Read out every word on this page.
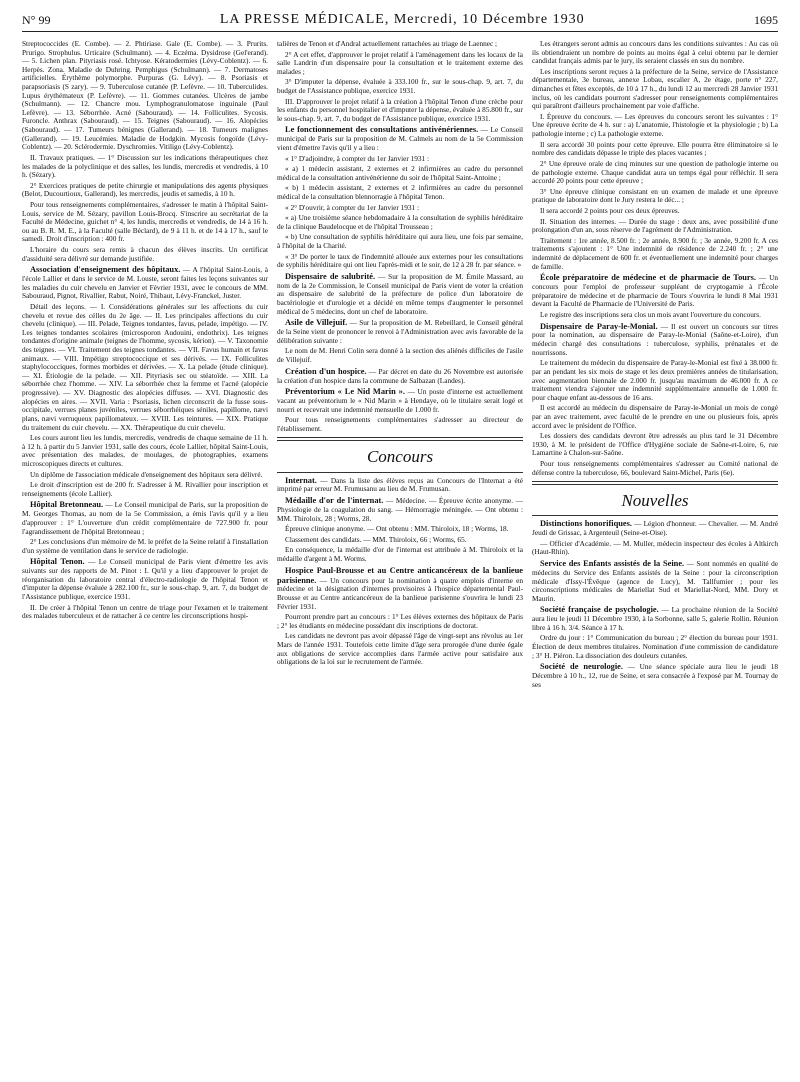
N° 99	LA PRESSE MÉDICALE, Mercredi, 10 Décembre 1930	1695

Streptococcides (E. Combe). — 2. Phtiriase. Gale (E. Combe). — 3. Prurits. Prurigo. Strophulus. Urticaire (Schulmann). — 4. Eczéma. Dysidrose (Gel'erand). — 5. Lichen plan. Pityriasis rosé. Ichtyose. Kératodermies (Lévy-Coblentz). — 6. Herpès. Zona. Maladie de Duhring. Pemphigus (Schulmann). — 7. Dermatoses artificielles. Érythème polymorphe. Purpuras (G. Lévy). — 8. Psoriasis et parapsoriasis (S zary). — 9. Tuberculose cutanée (P. Lefèvre. — 10. Tuberculides. Lupus érythémateux (P. Lefèvre). — 11. Gommes cutanées. Ulcères de jambe (Schulmann). — 12. Chancre mou. Lymphogranulomatose inguinale (Paul Lefèvre). — 13. Séborrhée. Acné (Sabouraud). — 14. Folliculites. Sycosis. Furoncle. Anthrax (Sabouraud). — 15. Teignes (Sabouraud). — 16. Alopécies (Sabouraud). — 17. Tumeurs bénignes (Gallerand). — 18. Tumeurs malignes (Gallerand). — 19. Leucémies. Maladie de Hodgkin. Mycosis fongoïde (Lévy-Coblentz). — 20. Sclérodermie. Dyschromies. Vitiligo (Lévy-Coblentz).

II. Travaux pratiques. — 1° Discussion sur les indications thérapeutiques chez les malades de la polyclinique et des salles, les lundis, mercredis et vendredis, à 10 h. (Sézary).

2° Exercices pratiques de petite chirurgie et manipulations des agents physiques (Belot, Ducourtioux, Gallerand), les mercredis, jeudis et samedis, à 10 h.

Pour tous renseignements complémentaires, s'adresser le matin à l'hôpital Saint-Louis, service de M. Sézary, pavillon Louis-Brocq. S'inscrire au secrétariat de la Faculté de Médecine, guichet n° 4, les lundis, mercredis et vendredis, de 14 à 16 h. ou au B. R. M. E., à la Faculté (salle Béclard), de 9 à 11 h. et de 14 à 17 h., sauf le samedi. Droit d'inscription : 400 fr.

L'horaire du cours sera remis à chacun des élèves inscrits. Un certificat d'assiduité sera délivré sur demande justifiée.

Association d'enseignement des hôpitaux. — A l'hôpital Saint-Louis, à l'école Lallier et dans le service de M. Louste, seront faites les leçons suivantes sur les maladies du cuir chevelu en Janvier et Février 1931, avec le concours de MM. Sabouraud, Pignot, Rivallier, Rabut, Noiré, Thibaut, Lévy-Franckel, Juster.

Détail des leçons. — I. Considérations générales sur les affections du cuir chevelu et revue des célles du 2e âge. — II. Les principales affections du cuir chevelu (clinique). — III. Pelade, Teignes tondantes, favus, pelade, impétigo. — IV. Les teignes tondantes scolaires (microsporon Audouini, endothrix). Les teignes tondantes d'origine animale (teignes de l'homme, sycosis, kérion). — V. Taxonomie des teignes. — VI. Traitement des teignes tondantes. — VII. Favus humain et favus animaux. — VIII. Impétigo streptococcique et ses dérivés. — IX. Folliculites staphylococciques, formes morbides et dérivées. — X. La pelade (étude clinique). — XI. Étiologie de la pelade. — XII. Pityriasis sec ou stéatoïde. — XIII. La séborrhée chez l'homme. — XIV. La séborrhée chez la femme et l'acné (alopécie progressive). — XV. Diagnostic des alopécies diffuses. — XVI. Diagnostic des alopécies en aires. — XVII. Varia : Psoriasis, lichen circonscrit de la fusse sous-occipitale, verrues planes juvéniles, verrues séborrhéiques séniles, papillome, nævi plans, nævi verruqueux papillomateux. — XVIII. Les teintures. — XIX. Pratique du traitement du cuir chevelu. — XX. Thérapeutique du cuir chevelu.

Les cours auront lieu les lundis, mercredis, vendredis de chaque semaine de 11 h. à 12 h. à partir du 5 Janvier 1931, salle des cours, école Lallier, hôpital Saint-Louis, avec présentation des malades, de moulages, de photographies, examens microscopiques directs et cultures.

Un diplôme de l'association médicale d'enseignement des hôpitaux sera délivré.

Le droit d'inscription est de 200 fr. S'adresser à M. Rivallier pour inscription et renseignements (école Lallier).

Hôpital Bretonneau. — Le Conseil municipal de Paris, sur la proposition de M. Georges Thomas, au nom de la 5e Commission, a émis l'avis qu'il y a lieu d'approuver : 1° L'ouverture d'un crédit complémentaire de 727.900 fr. pour l'agrandissement de l'hôpital Bretonneau ;

2° Les conclusions d'un mémoire de M. le préfet de la Seine relatif à l'installation d'un système de ventilation dans le service de radiologie.

Hôpital Tenon. — Le Conseil municipal de Paris vient d'émettre les avis suivants sur des rapports de M. Pinot : I. Qu'il y a lieu d'approuver le projet de réorganisation du laboratoire central d'électro-radiologie de l'hôpital Tenon et d'imputer la dépense évaluée à 282.100 fr., sur le sous-chap. 9, art. 7, du budget de l'Assistance publique, exercice 1931.

II. De créer à l'hôpital Tenon un centre de triage pour l'examen et le traitement des malades tuberculeux et de rattacher à ce centre les circonscriptions hospi-

talières de Tenon et d'Andral actuellement rattachées au triage de Laennec ;

2° A cet effet, d'approuver le projet relatif à l'aménagement dans les locaux de la salle Landrin d'un dispensaire pour la consultation et le traitement externe des malades ;

3° D'imputer la dépense, évaluée à 333.100 fr., sur le sous-chap. 9, art. 7, du budget de l'Assistance publique, exercice 1931.

III. D'approuver le projet relatif à la création à l'hôpital Tenon d'une crèche pour les enfants du personnel hospitalier et d'imputer la dépense, évaluée à 85.800 fr., sur le sous-chap. 9, art. 7, du budget de l'Assistance publique, exercice 1931.

Le fonctionnement des consultations antivénériennes. — Le Conseil municipal de Paris sur la proposition de M. Calmels au nom de la 5e Commission vient d'émettre l'avis qu'il y a lieu :

« 1° D'adjoindre, à compter du 1er Janvier 1931 :

« a) 1 médecin assistant, 2 externes et 2 infirmières au cadre du personnel médical de la consultation antivénérienne du soir de l'hôpital Saint-Antoine ;

« b) 1 médecin assistant, 2 externes et 2 infirmières au cadre du personnel médical de la consultation blennorragie à l'hôpital Tenon.

« 2° D'ouvrir, à compter du 1er Janvier 1931 :

« a) Une troisième séance hebdomadaire à la consultation de syphilis héréditaire de la clinique Baudelocque et de l'hôpital Trousseau ;

« b) Une consultation de syphilis héréditaire qui aura lieu, une fois par semaine, à l'hôpital de la Charité.

« 3° De porter le taux de l'indemnité allouée aux externes pour les consultations de syphilis héréditaire qui ont lieu l'après-midi et le soir, de 12 à 28 fr. par séance. »

Dispensaire de salubrité. — Sur la proposition de M. Émile Massard, au nom de la 2e Commission, le Conseil municipal de Paris vient de voter la création au dispensaire de salubrité de la préfecture de police d'un laboratoire de bactériologie et d'urologie et a décidé en même temps d'augmenter le personnel médical de 5 médecins, dont un chef de laboratoire.

Asile de Villejuif. — Sur la proposition de M. Rebeillard, le Conseil général de la Seine vient de prononcer le renvoi à l'Administration avec avis favorable de la délibération suivante :

Le nom de M. Henri Colin sera donné à la section des aliénés difficiles de l'asile de Villejuif.

Création d'un hospice. — Par décret en date du 26 Novembre est autorisée la création d'un hospice dans la commune de Salbazan (Landes).

Préventorium « Le Nid Marin ». — Un poste d'interne est actuellement vacant au préventorium le « Nid Marin » à Hendaye, où le titulaire serait logé et nourri et recevrait une indemnité mensuelle de 1.000 fr.

Pour tous renseignements complémentaires s'adresser au directeur de l'établissement.

Concours

Internat. — Dans la liste des élèves reçus au Concours de l'Internat a été imprimé par erreur M. Frumusanu au lieu de M. Frumusan.

Médaille d'or de l'internat. — Médecine. — Épreuve écrite anonyme. — Physiologie de la coagulation du sang. — Hémorragie méningée. — Ont obtenu : MM. Thiroloix, 28 ; Worms, 28.

Épreuve clinique anonyme. — Ont obtenu : MM. Thiroloix, 18 ; Worms, 18.

Classement des candidats. — MM. Thiroloix, 66 ; Worms, 65.

En conséquence, la médaille d'or de l'internat est attribuée à M. Thiroloix et la médaille d'argent à M. Worms.

Hospice Paul-Brousse et au Centre anticancéreux de la banlieue parisienne. — Un concours pour la nomination à quatre emplois d'interne en médecine et la désignation d'internes provisoires à l'hospice départemental Paul-Brousse et au Centre anticancéreux de la banlieue parisienne s'ouvrira le lundi 23 Février 1931.

Pourront prendre part au concours : 1° Les élèves externes des hôpitaux de Paris ; 2° les étudiants en médecine possédant dix inscriptions de doctorat.

Les candidats ne devront pas avoir dépassé l'âge de vingt-sept ans révolus au 1er Mars de l'année 1931. Toutefois cette limite d'âge sera prorogée d'une durée égale aux obligations de service accomplies dans l'armée active pour satisfaire aux obligations de la loi sur le recrutement de l'armée.

Les étrangers seront admis au concours dans les conditions suivantes : Au cas où ils obtiendraient un nombre de points au moins égal à celui obtenu par le dernier candidat français admis par le jury, ils seraient classés en sus du nombre.

Les inscriptions seront reçues à la préfecture de la Seine, service de l'Assistance départementale, 3e bureau, annexe Lobau, escalier A, 2e étage, porte n° 227, dimanches et fêtes exceptés, de 10 à 17 h., du lundi 12 au mercredi 28 Janvier 1931 inclus, où les candidats pourront s'adresser pour renseignements complémentaires qui paraîtront d'ailleurs prochainement par voie d'affiche.

I. Épreuve du concours. — Les épreuves du concours seront les suivantes : 1° Une épreuve écrite de 4 h. sur : a) L'anatomie, l'histologie et la physiologie ; b) La pathologie interne ; c) La pathologie externe.

Il sera accordé 30 points pour cette épreuve. Elle pourra être éliminatoire si le nombre des candidats dépasse le triple des places vacantes ;

2° Une épreuve orale de cinq minutes sur une question de pathologie interne ou de pathologie externe. Chaque candidat aura un temps égal pour réfléchir. Il sera accordé 20 points pour cette épreuve ;

3° Une épreuve clinique consistant en un examen de malade et une épreuve pratique de laboratoire dont le Jury restera le déc... ;

Il sera accordé 2 points pour ces deux épreuves.

II. Situation des internes. — Durée du stage : deux ans, avec possibilité d'une prolongation d'un an, sous réserve de l'agrément de l'Administration.

Traitement : 1re année, 8.500 fr. ; 2e année, 8.900 fr. ; 3e année, 9.200 fr. A ces traitements s'ajoutent : 1° Une indemnité de résidence de 2.240 fr. ; 2° une indemnité de déplacement de 600 fr. et éventuellement une indemnité pour charges de famille.

École préparatoire de médecine et de pharmacie de Tours. — Un concours pour l'emploi de professeur suppléant de cryptogamie à l'École préparatoire de médecine et de pharmacie de Tours s'ouvrira le lundi 8 Mai 1931 devant la Faculté de Pharmacie de l'Université de Paris.

Le registre des inscriptions sera clos un mois avant l'ouverture du concours.

Dispensaire de Paray-le-Monial. — Il est ouvert un concours sur titres pour la nomination, au dispensaire de Paray-le-Monial (Saône-et-Loire), d'un médecin chargé des consultations : tuberculose, syphilis, prénatales et de nourrissons.

Le traitement du médecin du dispensaire de Paray-le-Monial est fixé à 38.000 fr. par an pendant les six mois de stage et les deux premières années de titularisation, avec augmentation biennale de 2.000 fr. jusqu'au maximum de 46.000 fr. A ce traitement viendra s'ajouter une indemnité supplémentaire annuelle de 1.000 fr. pour chaque enfant au-dessous de 16 ans.

Il est accordé au médecin du dispensaire de Paray-le-Monial un mois de congé par an avec traitement, avec faculté de le prendre en une ou plusieurs fois, après accord avec le président de l'Office.

Les dossiers des candidats devront être adressés au plus tard le 31 Décembre 1930, à M. le président de l'Office d'Hygiène sociale de Saône-et-Loire, 6, rue Lamartine à Chalon-sur-Saône.

Pour tous renseignements complémentaires s'adresser au Comité national de défense contre la tuberculose, 66, boulevard Saint-Michel, Paris (6e).

Nouvelles

Distinctions honorifiques. — Légion d'honneur. — Chevalier. — M. André Jeudi de Grissac, à Argenteuil (Seine-et-Oise).

— Officier d'Académie. — M. Muller, médecin inspecteur des écoles à Altkirch (Haut-Rhin).

Service des Enfants assistés de la Seine. — Sont nommés en qualité de médecins du Service des Enfants assistés de la Seine : pour la circonscription médicale d'Issy-l'Évêque (agence de Lucy), M. Tallfumier ; pour les circonscriptions médicales de Mariellat Sud et Mariellat-Nord, MM. Dory et Maurin.

Société française de psychologie. — La prochaine réunion de la Société aura lieu le jeudi 11 Décembre 1930, à la Sorbonne, salle 5, galerie Rollin. Réunion libre à 16 h. 3/4. Séance à 17 h.

Ordre du jour : 1° Communication du bureau ; 2° élection du bureau pour 1931. Élection de deux membres titulaires. Nomination d'une commission de candidature ; 3° H. Piéron. La dissociation des douleurs cutanées.

Société de neurologie. — Une séance spéciale aura lieu le jeudi 18 Décembre à 10 h., 12, rue de Seine, et sera consacrée à l'exposé par M. Tournay de ses
